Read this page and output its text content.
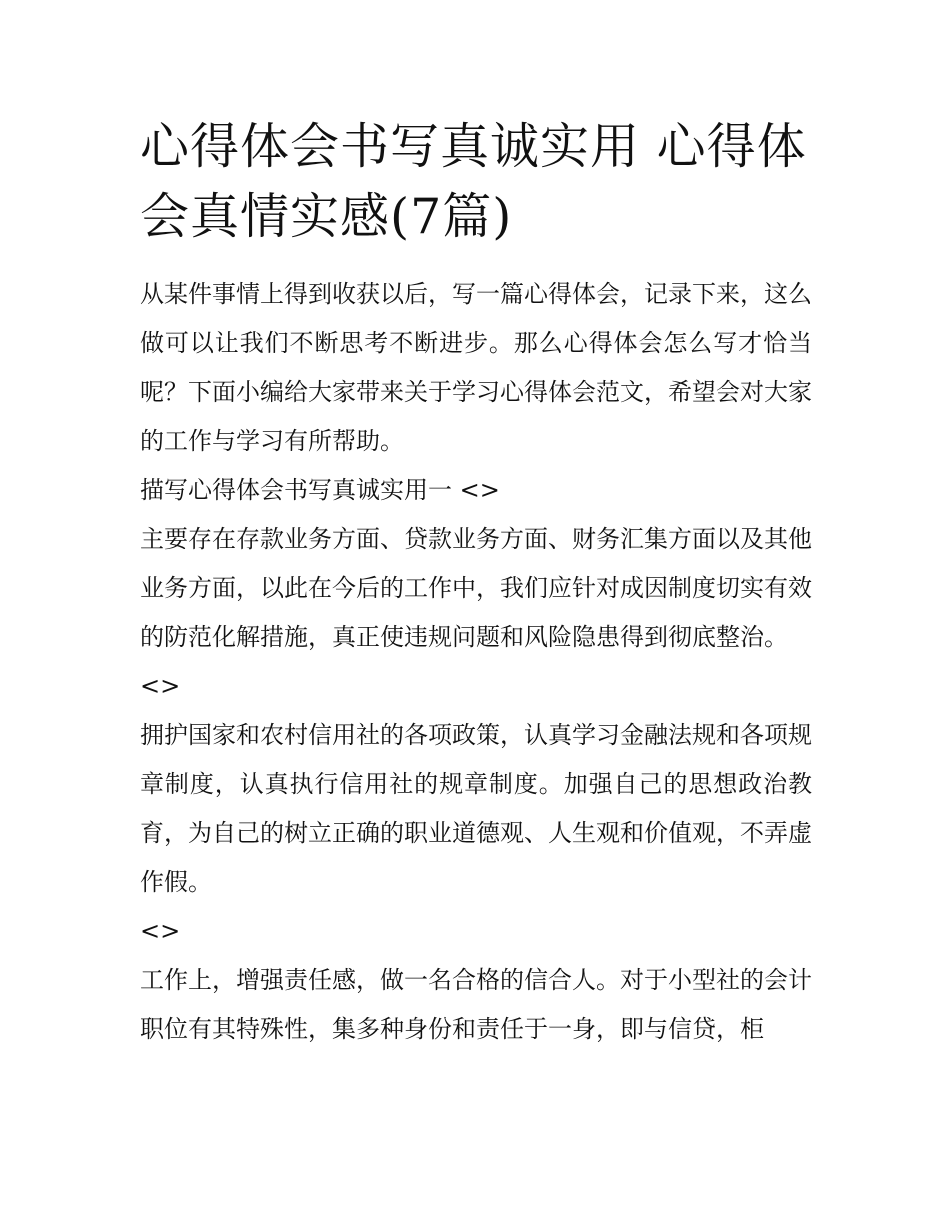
心得体会书写真诚实用 心得体会真情实感(7篇)

从某件事情上得到收获以后，写一篇心得体会，记录下来，这么做可以让我们不断思考不断进步。那么心得体会怎么写才恰当呢？下面小编给大家带来关于学习心得体会范文，希望会对大家的工作与学习有所帮助。

描写心得体会书写真诚实用一 <>

主要存在存款业务方面、贷款业务方面、财务汇集方面以及其他业务方面，以此在今后的工作中，我们应针对成因制度切实有效的防范化解措施，真正使违规问题和风险隐患得到彻底整治。

<>

拥护国家和农村信用社的各项政策，认真学习金融法规和各项规章制度，认真执行信用社的规章制度。加强自己的思想政治教育，为自己的树立正确的职业道德观、人生观和价值观，不弄虚作假。

<>

工作上，增强责任感，做一名合格的信合人。对于小型社的会计职位有其特殊性，集多种身份和责任于一身，即与信贷，柜
